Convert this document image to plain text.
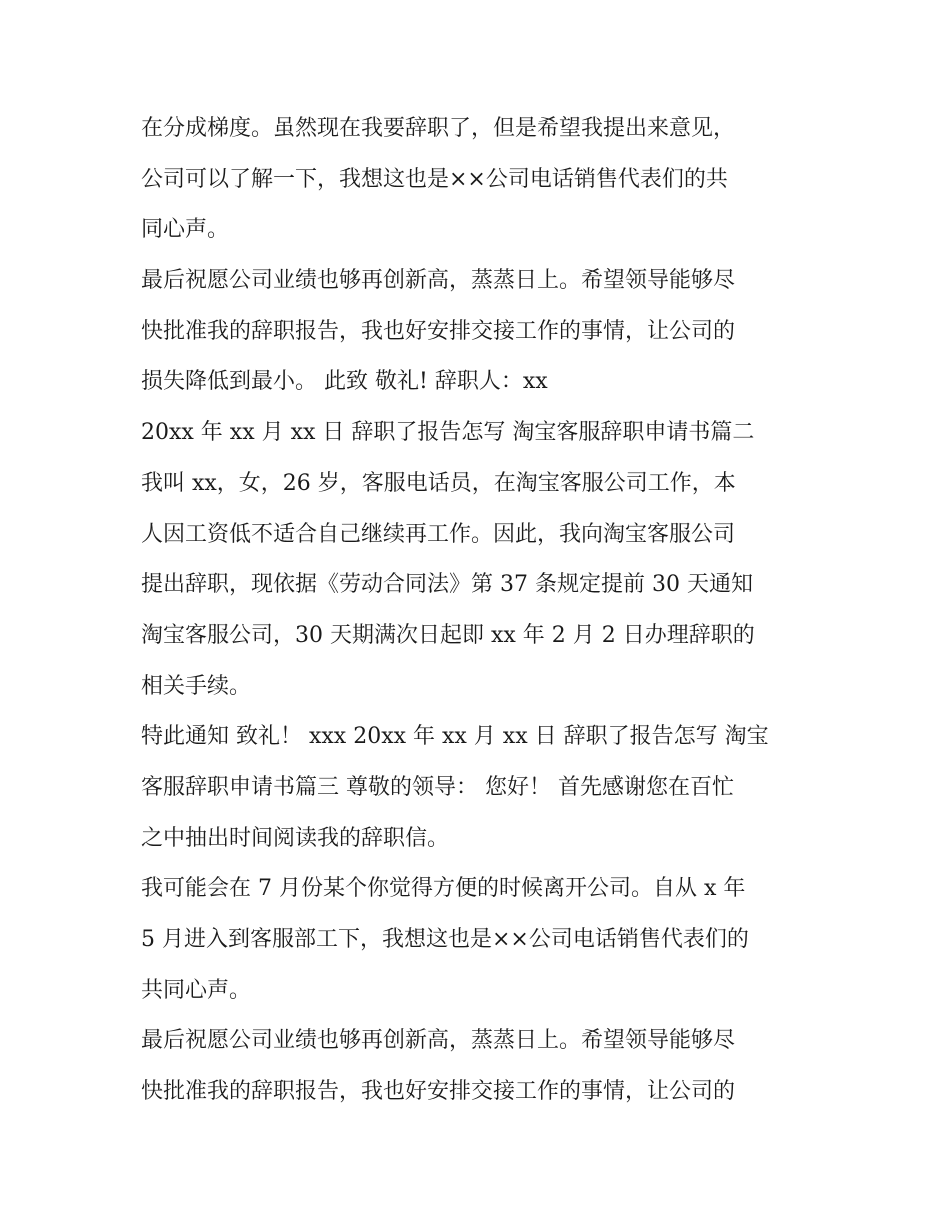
在分成梯度。虽然现在我要辞职了，但是希望我提出来意见，
公司可以了解一下，我想这也是××公司电话销售代表们的共
同心声。
最后祝愿公司业绩也够再创新高，蒸蒸日上。希望领导能够尽
快批准我的辞职报告，我也好安排交接工作的事情，让公司的
损失降低到最小。 此致 敬礼! 辞职人：xx
20xx 年 xx 月 xx 日 辞职了报告怎写 淘宝客服辞职申请书篇二
我叫 xx，女，26 岁，客服电话员，在淘宝客服公司工作，本
人因工资低不适合自己继续再工作。因此，我向淘宝客服公司
提出辞职，现依据《劳动合同法》第 37 条规定提前 30 天通知
淘宝客服公司，30 天期满次日起即 xx 年 2 月 2 日办理辞职的
相关手续。
特此通知 致礼！ xxx 20xx 年 xx 月 xx 日 辞职了报告怎写 淘宝
客服辞职申请书篇三 尊敬的领导： 您好！ 首先感谢您在百忙
之中抽出时间阅读我的辞职信。
我可能会在 7 月份某个你觉得方便的时候离开公司。自从 x 年
5 月进入到客服部工下，我想这也是××公司电话销售代表们的
共同心声。
最后祝愿公司业绩也够再创新高，蒸蒸日上。希望领导能够尽
快批准我的辞职报告，我也好安排交接工作的事情，让公司的
